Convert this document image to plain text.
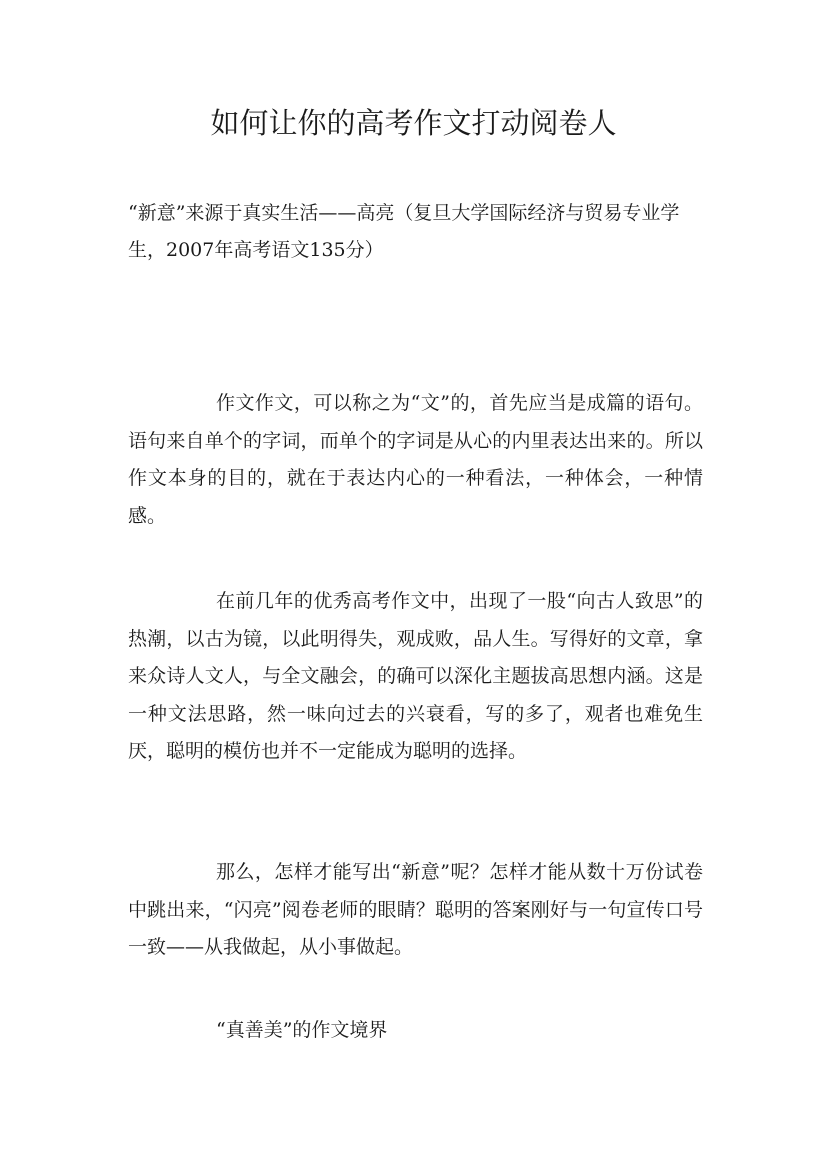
如何让你的高考作文打动阅卷人

“新意”来源于真实生活——高亮（复旦大学国际经济与贸易专业学生，2007年高考语文135分）

作文作文，可以称之为“文”的，首先应当是成篇的语句。语句来自单个的字词，而单个的字词是从心的内里表达出来的。所以作文本身的目的，就在于表达内心的一种看法，一种体会，一种情感。

在前几年的优秀高考作文中，出现了一股“向古人致思”的热潮，以古为镜，以此明得失，观成败，品人生。写得好的文章，拿来众诗人文人，与全文融会，的确可以深化主题拔高思想内涵。这是一种文法思路，然一味向过去的兴衰看，写的多了，观者也难免生厌，聪明的模仿也并不一定能成为聪明的选择。

那么，怎样才能写出“新意”呢？怎样才能从数十万份试卷中跳出来，“闪亮”阅卷老师的眼睛？聪明的答案刚好与一句宣传口号一致——从我做起，从小事做起。

“真善美”的作文境界
